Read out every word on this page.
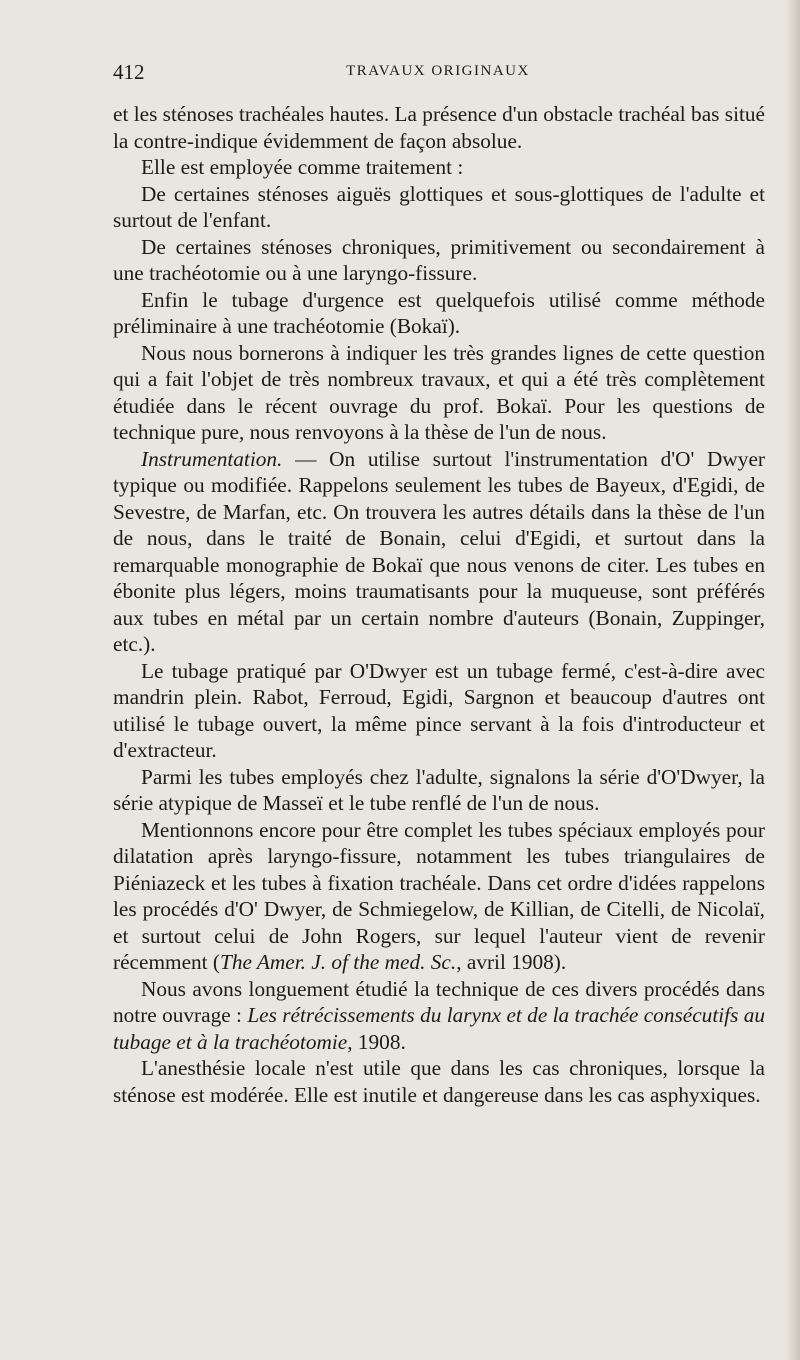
412	TRAVAUX ORIGINAUX

et les sténoses trachéales hautes. La présence d'un obstacle trachéal bas situé la contre-indique évidemment de façon absolue.

Elle est employée comme traitement :

De certaines sténoses aiguës glottiques et sous-glottiques de l'adulte et surtout de l'enfant.

De certaines sténoses chroniques, primitivement ou secondairement à une trachéotomie ou à une laryngo-fissure.

Enfin le tubage d'urgence est quelquefois utilisé comme méthode préliminaire à une trachéotomie (Bokaï).

Nous nous bornerons à indiquer les très grandes lignes de cette question qui a fait l'objet de très nombreux travaux, et qui a été très complètement étudiée dans le récent ouvrage du prof. Bokaï. Pour les questions de technique pure, nous renvoyons à la thèse de l'un de nous.

Instrumentation. — On utilise surtout l'instrumentation d'O' Dwyer typique ou modifiée. Rappelons seulement les tubes de Bayeux, d'Egidi, de Sevestre, de Marfan, etc. On trouvera les autres détails dans la thèse de l'un de nous, dans le traité de Bonain, celui d'Egidi, et surtout dans la remarquable monographie de Bokaï que nous venons de citer. Les tubes en ébonite plus légers, moins traumatisants pour la muqueuse, sont préférés aux tubes en métal par un certain nombre d'auteurs (Bonain, Zuppinger, etc.).

Le tubage pratiqué par O'Dwyer est un tubage fermé, c'est-à-dire avec mandrin plein. Rabot, Ferroud, Egidi, Sargnon et beaucoup d'autres ont utilisé le tubage ouvert, la même pince servant à la fois d'introducteur et d'extracteur.

Parmi les tubes employés chez l'adulte, signalons la série d'O'Dwyer, la série atypique de Masseï et le tube renflé de l'un de nous.

Mentionnons encore pour être complet les tubes spéciaux employés pour dilatation après laryngo-fissure, notamment les tubes triangulaires de Piéniazeck et les tubes à fixation trachéale. Dans cet ordre d'idées rappelons les procédés d'O' Dwyer, de Schmiegelow, de Killian, de Citelli, de Nicolaï, et surtout celui de John Rogers, sur lequel l'auteur vient de revenir récemment (The Amer. J. of the med. Sc., avril 1908).

Nous avons longuement étudié la technique de ces divers procédés dans notre ouvrage : Les rétrécissements du larynx et de la trachée consécutifs au tubage et à la trachéotomie, 1908.

L'anesthésie locale n'est utile que dans les cas chroniques, lorsque la sténose est modérée. Elle est inutile et dangereuse dans les cas asphyxiques.
